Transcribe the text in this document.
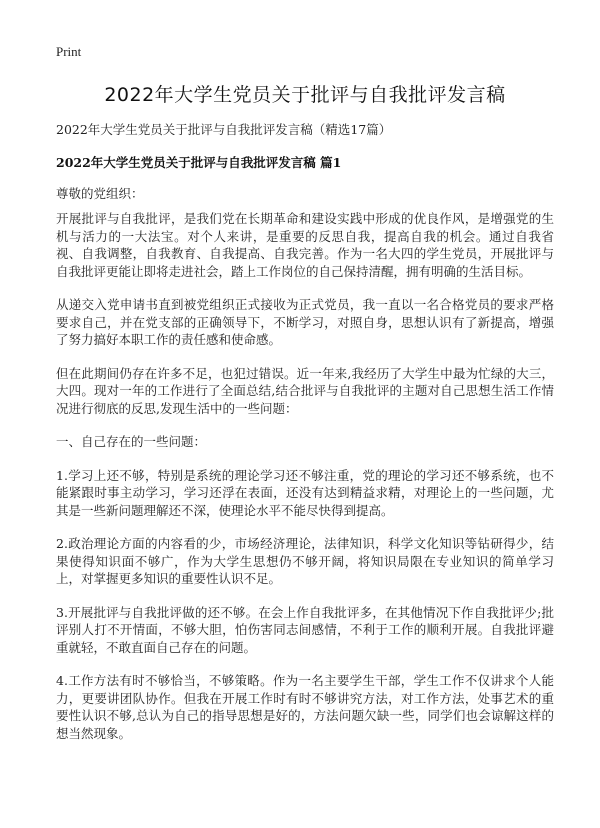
Print
2022年大学生党员关于批评与自我批评发言稿
2022年大学生党员关于批评与自我批评发言稿（精选17篇）
2022年大学生党员关于批评与自我批评发言稿 篇1
尊敬的党组织：

开展批评与自我批评，是我们党在长期革命和建设实践中形成的优良作风，是增强党的生机与活力的一大法宝。对个人来讲，是重要的反思自我，提高自我的机会。通过自我省视、自我调整，自我教育、自我提高、自我完善。作为一名大四的学生党员，开展批评与自我批评更能让即将走进社会，踏上工作岗位的自己保持清醒，拥有明确的生活目标。

从递交入党申请书直到被党组织正式接收为正式党员，我一直以一名合格党员的要求严格要求自己，并在党支部的正确领导下，不断学习，对照自身，思想认识有了新提高，增强了努力搞好本职工作的责任感和使命感。

但在此期间仍存在许多不足，也犯过错误。近一年来,我经历了大学生中最为忙绿的大三，大四。现对一年的工作进行了全面总结,结合批评与自我批评的主题对自己思想生活工作情况进行彻底的反思,发现生活中的一些问题：

一、自己存在的一些问题：

1.学习上还不够，特别是系统的理论学习还不够注重，党的理论的学习还不够系统，也不能紧跟时事主动学习，学习还浮在表面，还没有达到精益求精，对理论上的一些问题，尤其是一些新问题理解还不深，使理论水平不能尽快得到提高。

2.政治理论方面的内容看的少，市场经济理论，法律知识，科学文化知识等钻研得少，结果使得知识面不够广，作为大学生思想仍不够开阔，将知识局限在专业知识的简单学习上，对掌握更多知识的重要性认识不足。

3.开展批评与自我批评做的还不够。在会上作自我批评多，在其他情况下作自我批评少;批评别人打不开情面，不够大胆，怕伤害同志间感情，不利于工作的顺利开展。自我批评避重就轻，不敢直面自己存在的问题。

4.工作方法有时不够恰当，不够策略。作为一名主要学生干部，学生工作不仅讲求个人能力，更要讲团队协作。但我在开展工作时有时不够讲究方法，对工作方法，处事艺术的重要性认识不够,总认为自己的指导思想是好的，方法问题欠缺一些，同学们也会谅解这样的想当然现象。
